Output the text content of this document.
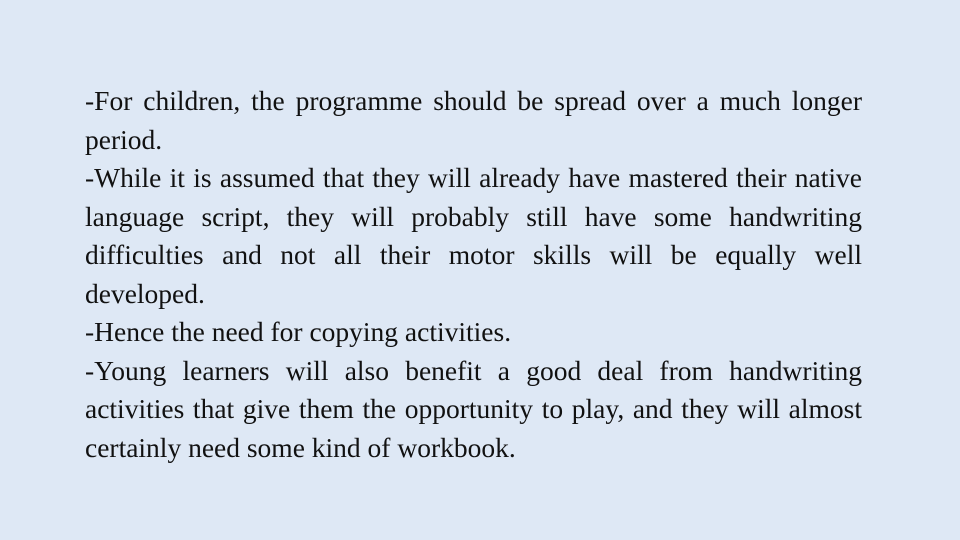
-For children, the programme should be spread over a much longer period.

-While it is assumed that they will already have mastered their native language script, they will probably still have some handwriting difficulties and not all their motor skills will be equally well developed.

-Hence the need for copying activities.

-Young learners will also benefit a good deal from handwriting activities that give them the opportunity to play, and they will almost certainly need some kind of workbook.
